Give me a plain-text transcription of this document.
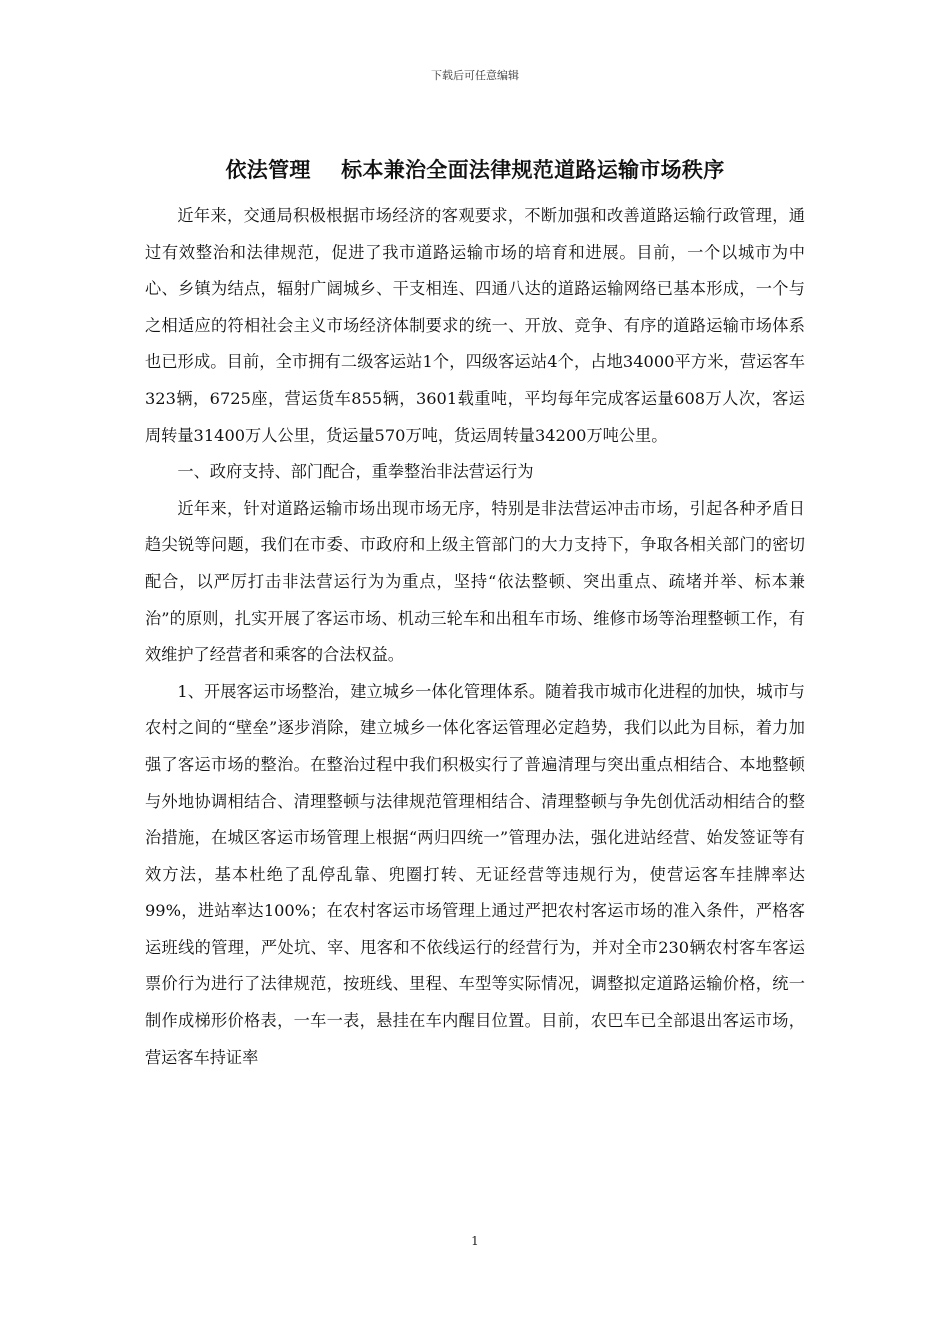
下载后可任意编辑
依法管理    标本兼治全面法律规范道路运输市场秩序

近年来，交通局积极根据市场经济的客观要求，不断加强和改善道路运输行政管理，通过有效整治和法律规范，促进了我市道路运输市场的培育和进展。目前，一个以城市为中心、乡镇为结点，辐射广阔城乡、干支相连、四通八达的道路运输网络已基本形成，一个与之相适应的符相社会主义市场经济体制要求的统一、开放、竞争、有序的道路运输市场体系也已形成。目前，全市拥有二级客运站1个，四级客运站4个，占地34000平方米，营运客车323辆，6725座，营运货车855辆，3601载重吨，平均每年完成客运量608万人次，客运周转量31400万人公里，货运量570万吨，货运周转量34200万吨公里。

一、政府支持、部门配合，重拳整治非法营运行为

近年来，针对道路运输市场出现市场无序，特别是非法营运冲击市场，引起各种矛盾日趋尖锐等问题，我们在市委、市政府和上级主管部门的大力支持下，争取各相关部门的密切配合，以严厉打击非法营运行为为重点，坚持“依法整顿、突出重点、疏堵并举、标本兼治”的原则，扎实开展了客运市场、机动三轮车和出租车市场、维修市场等治理整顿工作，有效维护了经营者和乘客的合法权益。

1、开展客运市场整治，建立城乡一体化管理体系。随着我市城市化进程的加快，城市与农村之间的“壁垒”逐步消除，建立城乡一体化客运管理必定趋势，我们以此为目标，着力加强了客运市场的整治。在整治过程中我们积极实行了普遍清理与突出重点相结合、本地整顿与外地协调相结合、清理整顿与法律规范管理相结合、清理整顿与争先创优活动相结合的整治措施，在城区客运市场管理上根据“两归四统一”管理办法，强化进站经营、始发签证等有效方法，基本杜绝了乱停乱靠、兜圈打转、无证经营等违规行为，使营运客车挂牌率达99%，进站率达100%；在农村客运市场管理上通过严把农村客运市场的准入条件，严格客运班线的管理，严处坑、宰、甩客和不依线运行的经营行为，并对全市230辆农村客车客运票价行为进行了法律规范，按班线、里程、车型等实际情况，调整拟定道路运输价格，统一制作成梯形价格表，一车一表，悬挂在车内醒目位置。目前，农巴车已全部退出客运市场，营运客车持证率

1
